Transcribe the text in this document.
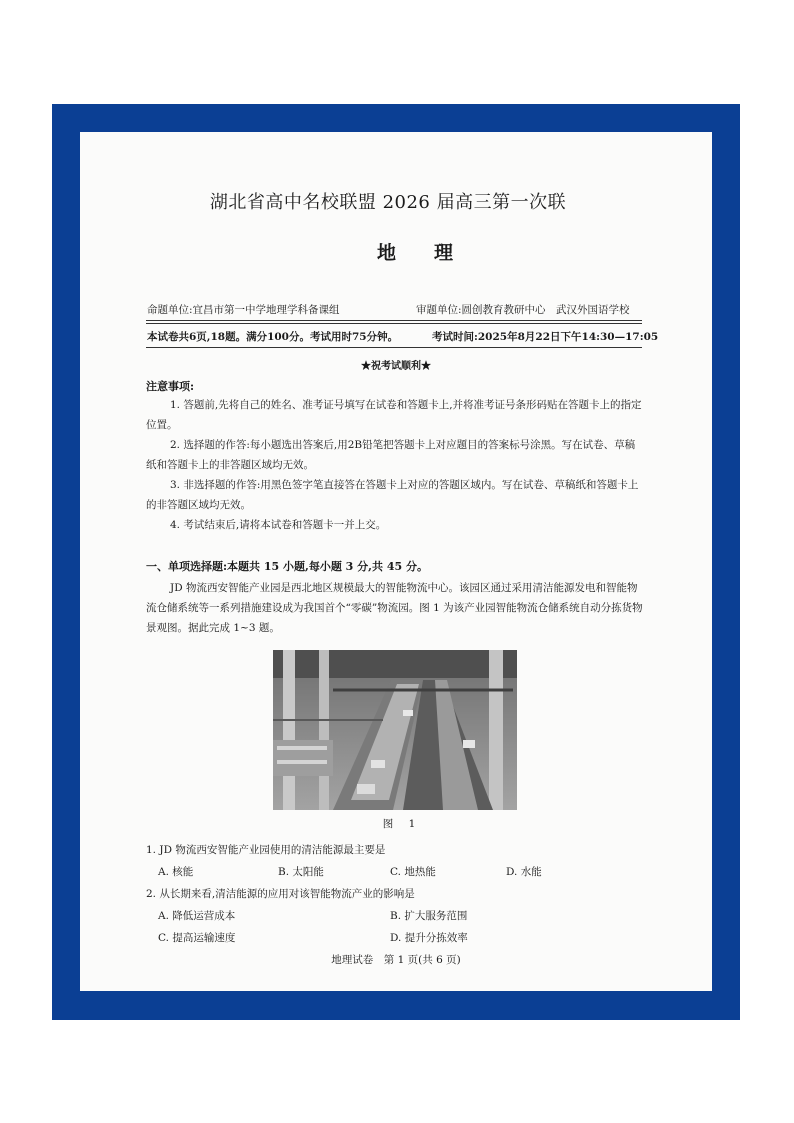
湖北省高中名校联盟 2026 届高三第一次联
地理
命题单位:宜昌市第一中学地理学科备课组	审题单位:圆创教育教研中心　武汉外国语学校
本试卷共6页,18题。满分100分。考试用时75分钟。	考试时间:2025年8月22日下午14:30—17:05
★祝考试顺利★
注意事项:
1. 答题前,先将自己的姓名、准考证号填写在试卷和答题卡上,并将准考证号条形码贴在答题卡上的指定位置。
2. 选择题的作答:每小题选出答案后,用2B铅笔把答题卡上对应题目的答案标号涂黑。写在试卷、草稿纸和答题卡上的非答题区域均无效。
3. 非选择题的作答:用黑色签字笔直接答在答题卡上对应的答题区域内。写在试卷、草稿纸和答题卡上的非答题区域均无效。
4. 考试结束后,请将本试卷和答题卡一并上交。
一、单项选择题:本题共 15 小题,每小题 3 分,共 45 分。
JD 物流西安智能产业园是西北地区规模最大的智能物流中心。该园区通过采用清洁能源发电和智能物流仓储系统等一系列措施建设成为我国首个“零碳”物流园。图 1 为该产业园智能物流仓储系统自动分拣货物景观图。据此完成 1~3 题。
图 1
1. JD 物流西安智能产业园使用的清洁能源最主要是
A. 核能	B. 太阳能	C. 地热能	D. 水能
2. 从长期来看,清洁能源的应用对该智能物流产业的影响是
A. 降低运营成本	B. 扩大服务范围
C. 提高运输速度	D. 提升分拣效率
地理试卷　第 1 页(共 6 页)
